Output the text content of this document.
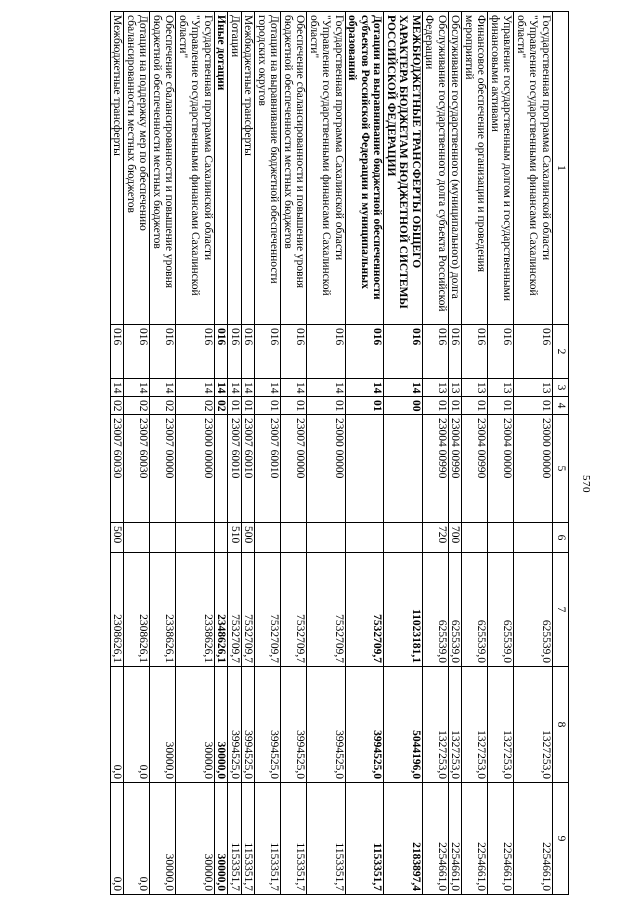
570
1	2	3	4	5	6	7	8	9
Государственная программа Сахалинской области "Управление государственными финансами Сахалинской области"	016	13	01	23000 00000		625539,0	1327253,0	2254661,0
Управление государственным долгом и государственными финансовыми активами	016	13	01	23004 00000		625539,0	1327253,0	2254661,0
Финансовое обеспечение организации и проведения мероприятий	016	13	01	23004 00990		625539,0	1327253,0	2254661,0
Обслуживание государственного (муниципального) долга	016	13	01	23004 00990	700	625539,0	1327253,0	2254661,0
Обслуживание государственного долга субъекта Российской Федерации	016	13	01	23004 00990	720	625539,0	1327253,0	2254661,0
МЕЖБЮДЖЕТНЫЕ ТРАНСФЕРТЫ ОБЩЕГО ХАРАКТЕРА БЮДЖЕТАМ БЮДЖЕТНОЙ СИСТЕМЫ РОССИЙСКОЙ ФЕДЕРАЦИИ	016	14	00			11023181,1	5044196,0	2183897,4
Дотации на выравнивание бюджетной обеспеченности субъектов Российской Федерации и муниципальных образований	016	14	01			7532709,7	3994525,0	1153351,7
Государственная программа Сахалинской области "Управление государственными финансами Сахалинской области"	016	14	01	23000 00000		7532709,7	3994525,0	1153351,7
Обеспечение сбалансированности и повышение уровня бюджетной обеспеченности местных бюджетов	016	14	01	23007 00000		7532709,7	3994525,0	1153351,7
Дотации на выравнивание бюджетной обеспеченности городских округов	016	14	01	23007 60010		7532709,7	3994525,0	1153351,7
Межбюджетные трансферты	016	14	01	23007 60010	500	7532709,7	3994525,0	1153351,7
Дотации	016	14	01	23007 60010	510	7532709,7	3994525,0	1153351,7
Иные дотации	016	14	02			2348626,1	30000,0	30000,0
Государственная программа Сахалинской области "Управление государственными финансами Сахалинской области"	016	14	02	23000 00000		2338626,1	30000,0	30000,0
Обеспечение сбалансированности и повышение уровня бюджетной обеспеченности местных бюджетов	016	14	02	23007 00000		2338626,1	30000,0	30000,0
Дотации на поддержку мер по обеспечению сбалансированности местных бюджетов	016	14	02	23007 60030		2308626,1	0,0	0,0
Межбюджетные трансферты	016	14	02	23007 60030	500	2308626,1	0,0	0,0
